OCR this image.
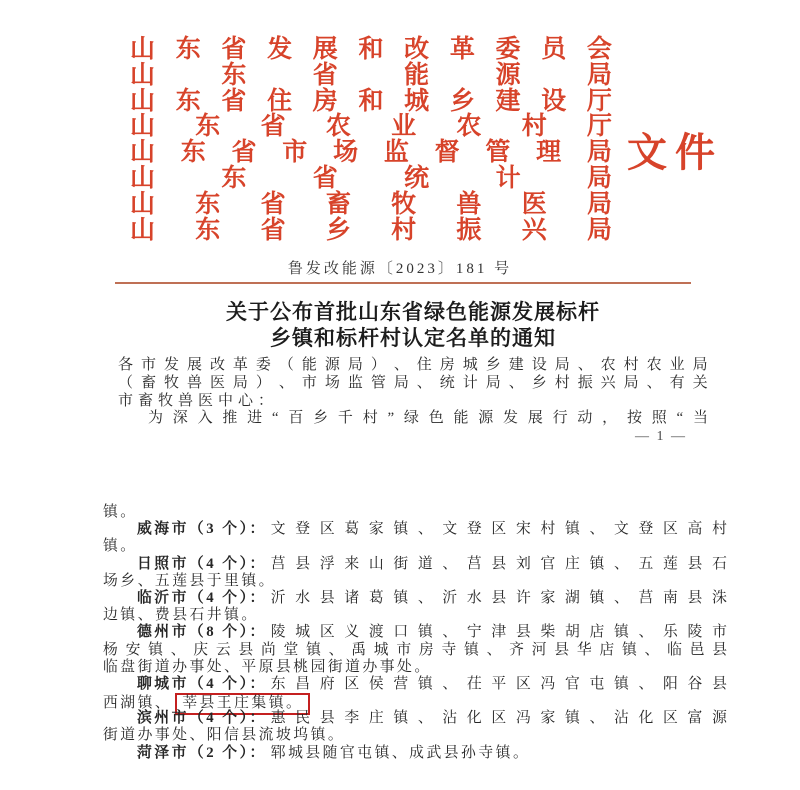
山 东 省 发 展 和 改 革 委 员 会
山	东	省	能	源	局
山 东 省 住 房 和 城 乡 建 设 厅
山 东 省 农 业 农 村 厅
山 东 省 市 场 监 督 管 理 局
山	东	省	统	计	局
山 东 省 畜 牧 兽 医 局
山 东 省 乡 村 振 兴 局
文件
鲁发改能源〔2023〕181 号
关于公布首批山东省绿色能源发展标杆
乡镇和标杆村认定名单的通知
各 市 发 展 改 革 委 （ 能 源 局 ） 、 住 房 城 乡 建 设 局 、 农 村 农 业 局
（ 畜 牧 兽 医 局 ） 、 市 场 监 管 局 、 统 计 局 、 乡 村 振 兴 局 、 有 关
市畜牧兽医中心：
为 深 入 推 进 “ 百 乡 千 村 ” 绿 色 能 源 发 展 行 动 ， 按 照 “ 当
— 1 —
镇。
威海市（3 个）： 文 登 区 葛 家 镇 、 文 登 区 宋 村 镇 、 文 登 区 高 村
镇。
日照市（4 个）： 莒 县 浮 来 山 街 道 、 莒 县 刘 官 庄 镇 、 五 莲 县 石
场乡、五莲县于里镇。
临沂市（4 个）： 沂 水 县 诸 葛 镇 、 沂 水 县 许 家 湖 镇 、 莒 南 县 洙
边镇、费县石井镇。
德州市（8 个）： 陵 城 区 义 渡 口 镇 、 宁 津 县 柴 胡 店 镇 、 乐 陵 市
杨 安 镇 、 庆 云 县 尚 堂 镇 、 禹 城 市 房 寺 镇 、 齐 河 县 华 店 镇 、 临 邑 县
临盘街道办事处、平原县桃园街道办事处。
聊城市（4 个）： 东 昌 府 区 侯 营 镇 、 茌 平 区 冯 官 屯 镇 、 阳 谷 县
西湖镇、 莘县王庄集镇。
滨州市（4 个）： 惠 民 县 李 庄 镇 、 沾 化 区 冯 家 镇 、 沾 化 区 富 源
街道办事处、阳信县流坡坞镇。
菏泽市（2 个）： 郓城县随官屯镇、成武县孙寺镇。
